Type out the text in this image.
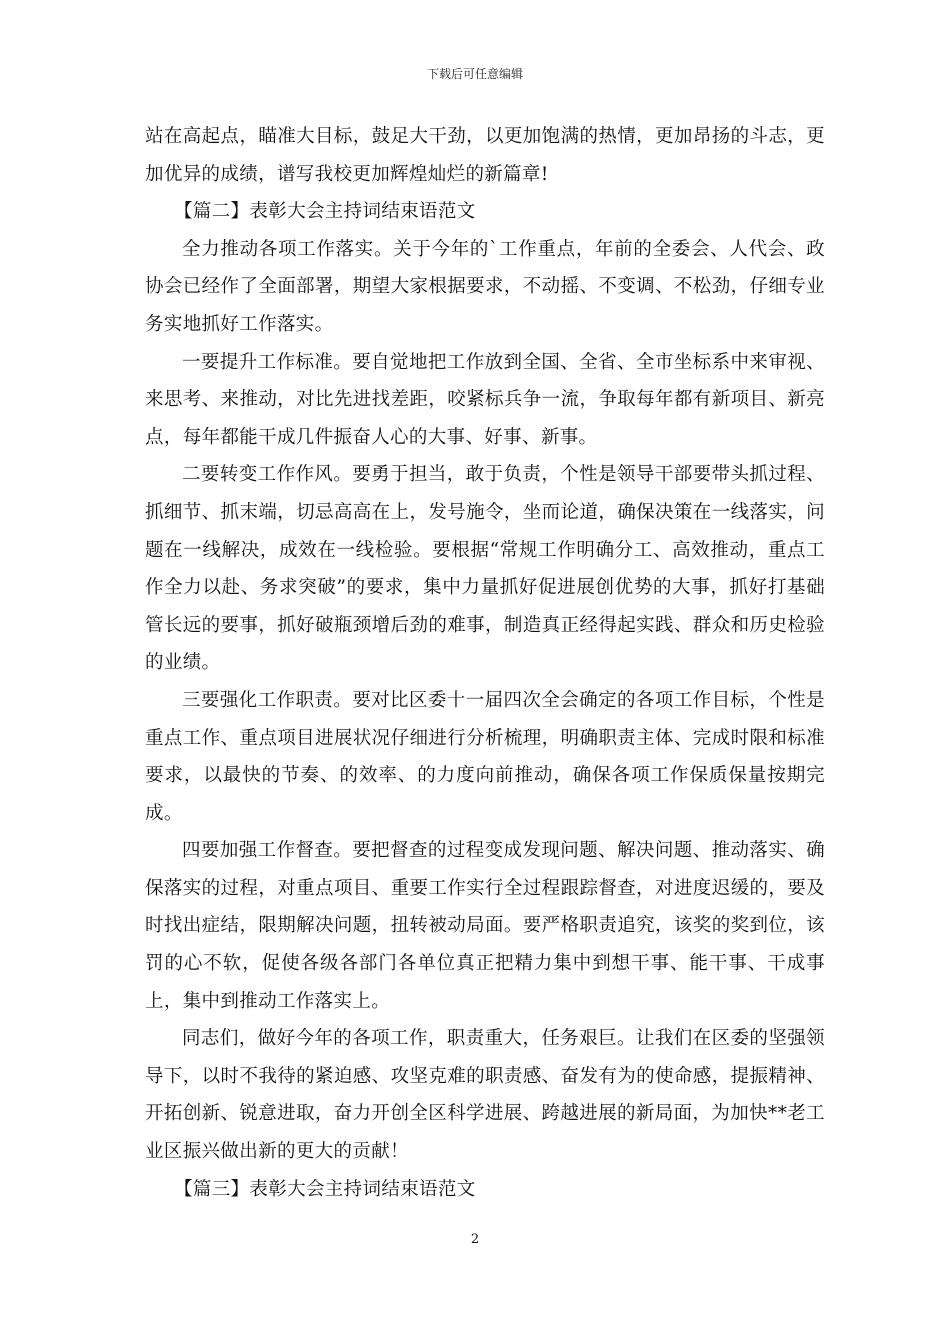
下载后可任意编辑

站在高起点，瞄准大目标，鼓足大干劲，以更加饱满的热情，更加昂扬的斗志，更加优异的成绩，谱写我校更加辉煌灿烂的新篇章!

【篇二】表彰大会主持词结束语范文

全力推动各项工作落实。关于今年的`工作重点，年前的全委会、人代会、政协会已经作了全面部署，期望大家根据要求，不动摇、不变调、不松劲，仔细专业务实地抓好工作落实。

一要提升工作标准。要自觉地把工作放到全国、全省、全市坐标系中来审视、来思考、来推动，对比先进找差距，咬紧标兵争一流，争取每年都有新项目、新亮点，每年都能干成几件振奋人心的大事、好事、新事。

二要转变工作作风。要勇于担当，敢于负责，个性是领导干部要带头抓过程、抓细节、抓末端，切忌高高在上，发号施令，坐而论道，确保决策在一线落实，问题在一线解决，成效在一线检验。要根据“常规工作明确分工、高效推动，重点工作全力以赴、务求突破”的要求，集中力量抓好促进展创优势的大事，抓好打基础管长远的要事，抓好破瓶颈增后劲的难事，制造真正经得起实践、群众和历史检验的业绩。

三要强化工作职责。要对比区委十一届四次全会确定的各项工作目标，个性是重点工作、重点项目进展状况仔细进行分析梳理，明确职责主体、完成时限和标准要求，以最快的节奏、的效率、的力度向前推动，确保各项工作保质保量按期完成。

四要加强工作督查。要把督查的过程变成发现问题、解决问题、推动落实、确保落实的过程，对重点项目、重要工作实行全过程跟踪督查，对进度迟缓的，要及时找出症结，限期解决问题，扭转被动局面。要严格职责追究，该奖的奖到位，该罚的心不软，促使各级各部门各单位真正把精力集中到想干事、能干事、干成事上，集中到推动工作落实上。

同志们，做好今年的各项工作，职责重大，任务艰巨。让我们在区委的坚强领导下，以时不我待的紧迫感、攻坚克难的职责感、奋发有为的使命感，提振精神、开拓创新、锐意进取，奋力开创全区科学进展、跨越进展的新局面，为加快**老工业区振兴做出新的更大的贡献！

【篇三】表彰大会主持词结束语范文

2
